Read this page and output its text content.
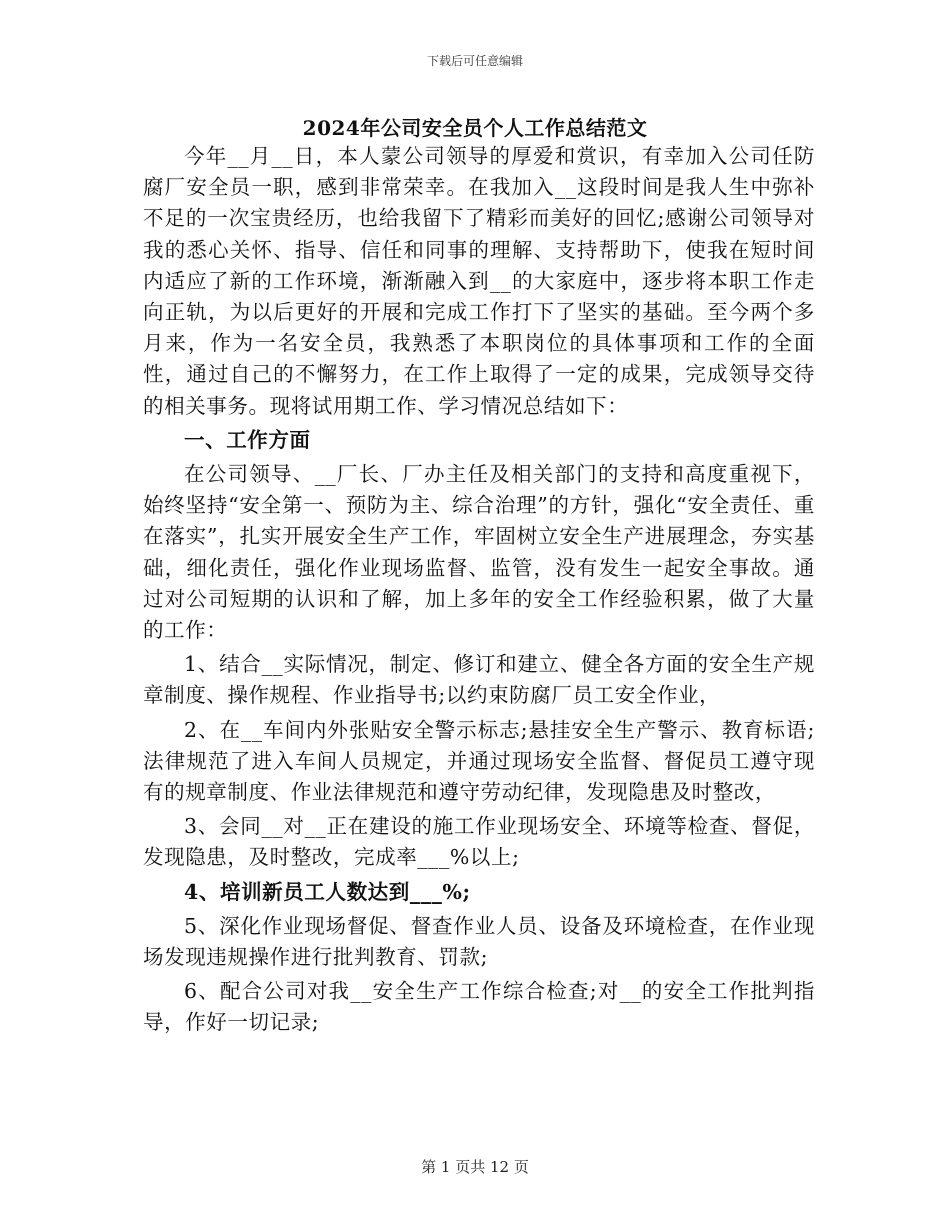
下载后可任意编辑
2024年公司安全员个人工作总结范文

今年__月__日，本人蒙公司领导的厚爱和赏识，有幸加入公司任防腐厂安全员一职，感到非常荣幸。在我加入__这段时间是我人生中弥补不足的一次宝贵经历，也给我留下了精彩而美好的回忆;感谢公司领导对我的悉心关怀、指导、信任和同事的理解、支持帮助下，使我在短时间内适应了新的工作环境，渐渐融入到__的大家庭中，逐步将本职工作走向正轨，为以后更好的开展和完成工作打下了坚实的基础。至今两个多月来，作为一名安全员，我熟悉了本职岗位的具体事项和工作的全面性，通过自己的不懈努力，在工作上取得了一定的成果，完成领导交待的相关事务。现将试用期工作、学习情况总结如下：

一、工作方面

在公司领导、__厂长、厂办主任及相关部门的支持和高度重视下，始终坚持“安全第一、预防为主、综合治理”的方针，强化“安全责任、重在落实”，扎实开展安全生产工作，牢固树立安全生产进展理念，夯实基础，细化责任，强化作业现场监督、监管，没有发生一起安全事故。通过对公司短期的认识和了解，加上多年的安全工作经验积累，做了大量的工作：

1、结合__实际情况，制定、修订和建立、健全各方面的安全生产规章制度、操作规程、作业指导书;以约束防腐厂员工安全作业，

2、在__车间内外张贴安全警示标志;悬挂安全生产警示、教育标语;法律规范了进入车间人员规定，并通过现场安全监督、督促员工遵守现有的规章制度、作业法律规范和遵守劳动纪律，发现隐患及时整改，

3、会同__对__正在建设的施工作业现场安全、环境等检查、督促，发现隐患，及时整改，完成率___%以上;

4、培训新员工人数达到___%;

5、深化作业现场督促、督查作业人员、设备及环境检查，在作业现场发现违规操作进行批判教育、罚款;

6、配合公司对我__安全生产工作综合检查;对__的安全工作批判指导，作好一切记录;

第 1 页共 12 页
